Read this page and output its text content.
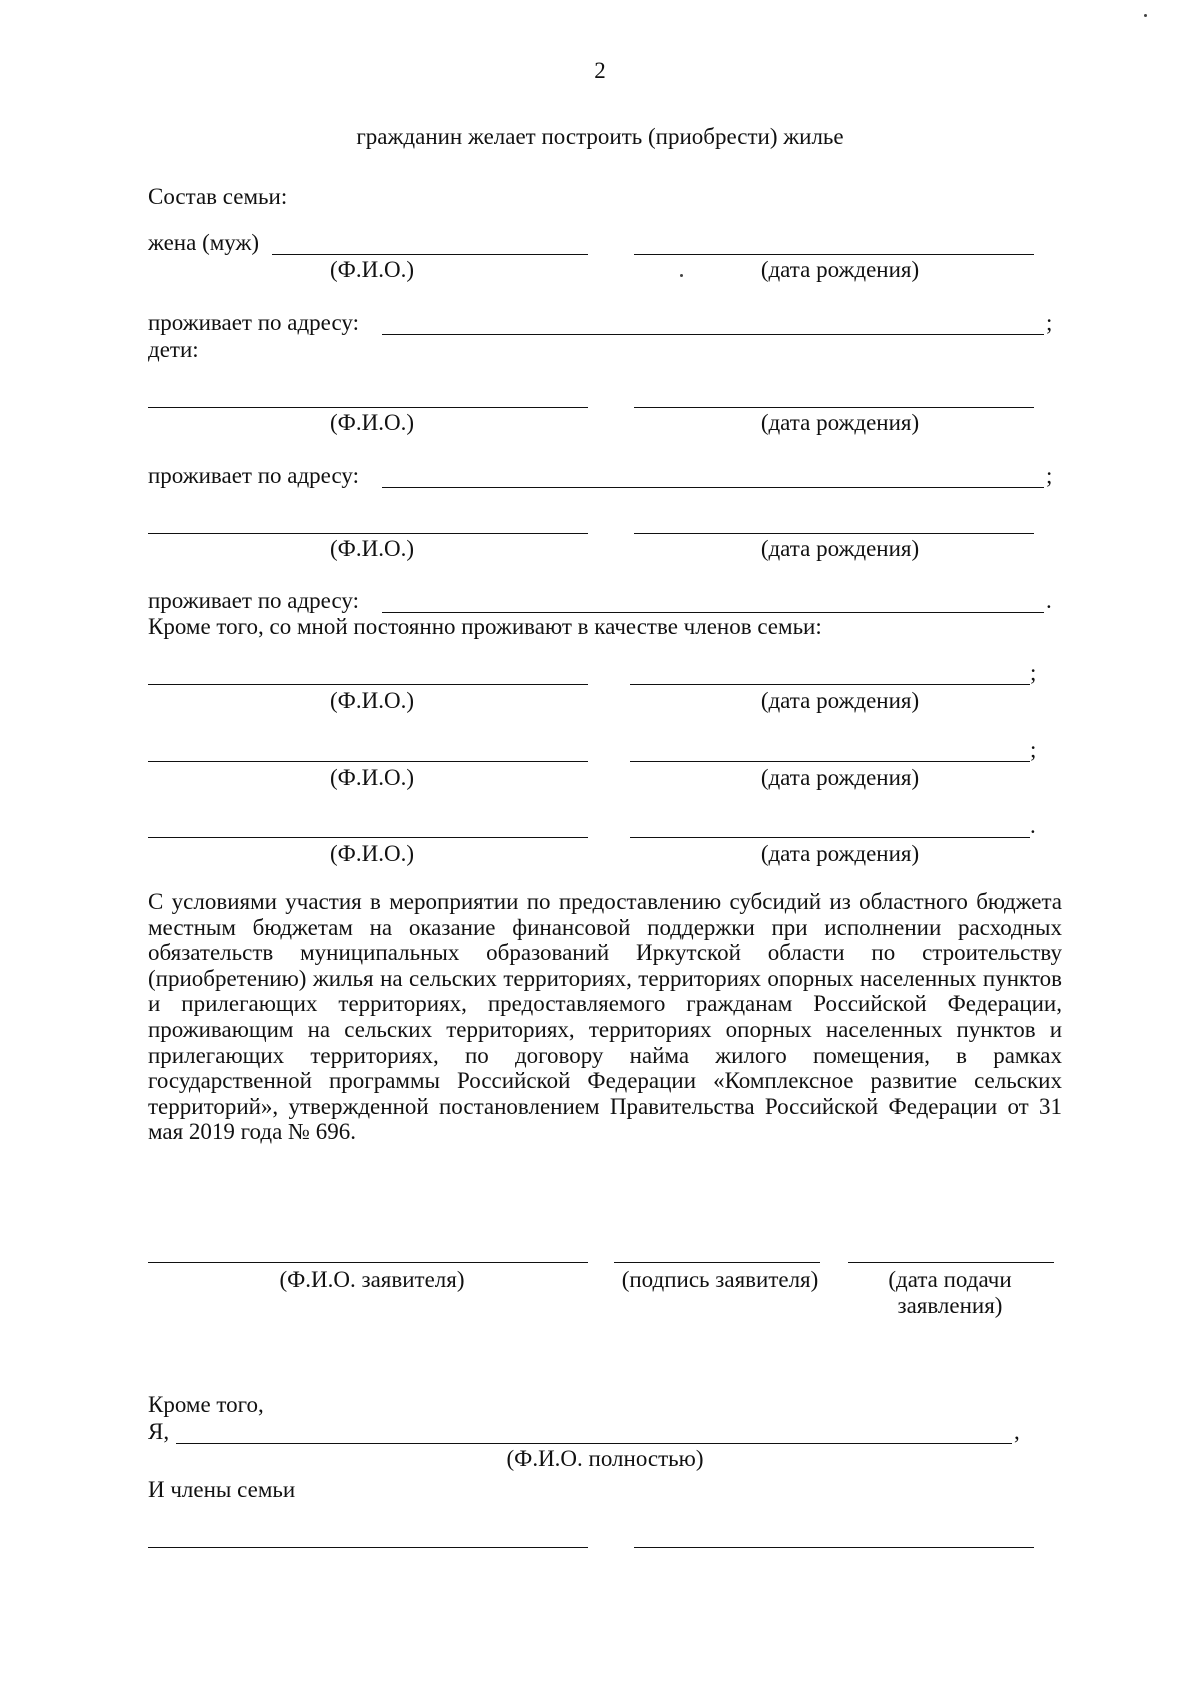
2
гражданин желает построить (приобрести) жилье
Состав семьи:
жена (муж)
(Ф.И.О.)	(дата рождения)
проживает по адресу:	;
дети:
(Ф.И.О.)	(дата рождения)
проживает по адресу:	;
(Ф.И.О.)	(дата рождения)
проживает по адресу:	.
Кроме того, со мной постоянно проживают в качестве членов семьи:
;
(Ф.И.О.)	(дата рождения)
;
(Ф.И.О.)	(дата рождения)
.
(Ф.И.О.)	(дата рождения)
С условиями участия в мероприятии по предоставлению субсидий из областного бюджета местным бюджетам на оказание финансовой поддержки при исполнении расходных обязательств муниципальных образований Иркутской области по строительству (приобретению) жилья на сельских территориях, территориях опорных населенных пунктов и прилегающих территориях, предоставляемого гражданам Российской Федерации, проживающим на сельских территориях, территориях опорных населенных пунктов и прилегающих территориях, по договору найма жилого помещения, в рамках государственной программы Российской Федерации «Комплексное развитие сельских территорий», утвержденной постановлением Правительства Российской Федерации от 31 мая 2019 года № 696.
(Ф.И.О. заявителя)	(подпись заявителя)	(дата подачи
заявления)
Кроме того,
Я,	,
(Ф.И.О. полностью)
И члены семьи
